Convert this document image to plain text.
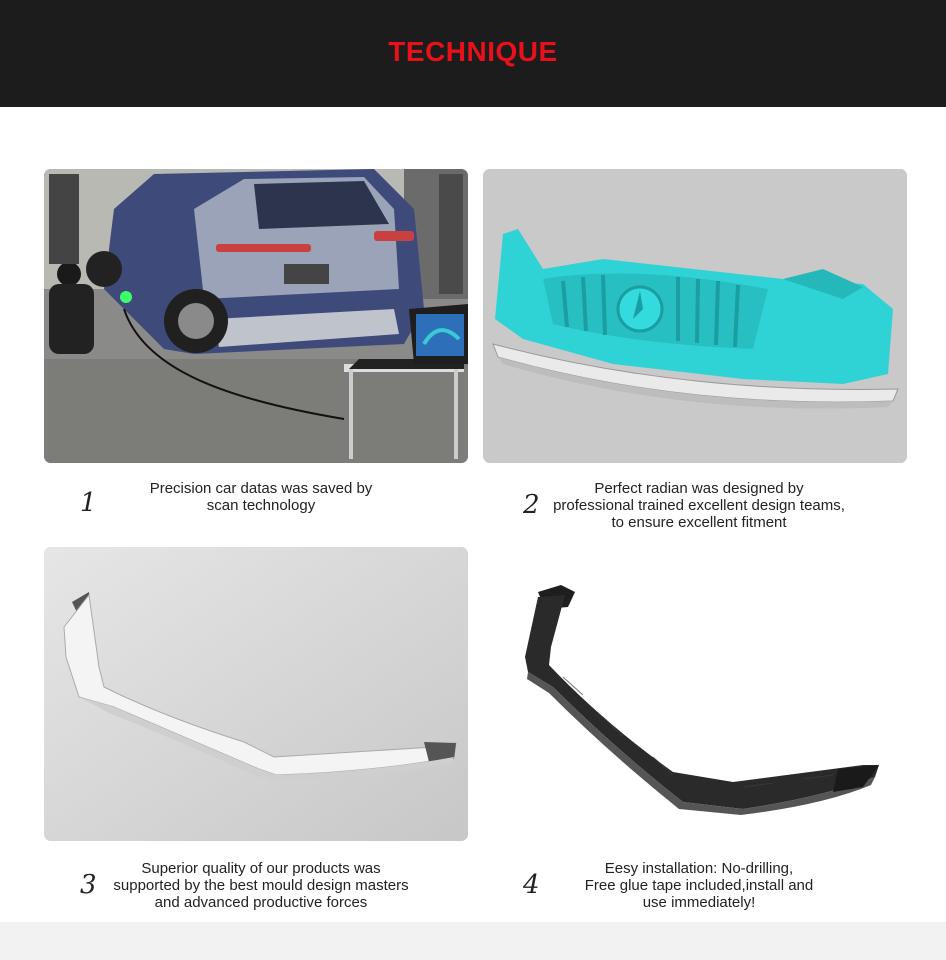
TECHNIQUE
1	Precision car datas was saved by
scan technology	2
Perfect radian was designed by
professional trained excellent design teams,
to ensure excellent fitment
3
Superior quality of our products was
supported by the best mould design masters
and advanced productive forces
4
Eesy installation: No-drilling,
Free glue tape included,install and
use immediately!
